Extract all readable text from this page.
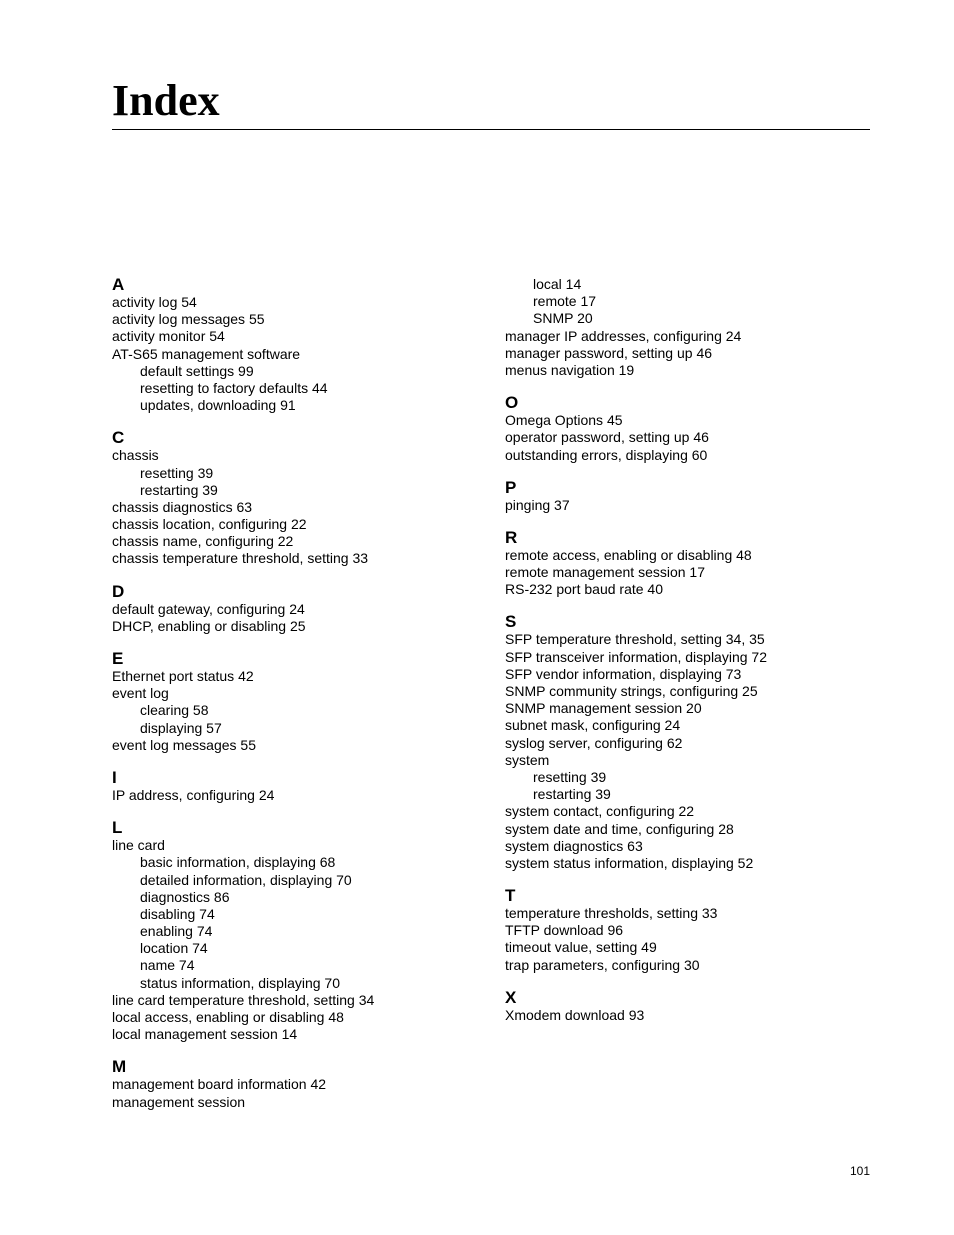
Index
A
activity log 54
activity log messages 55
activity monitor 54
AT-S65 management software
default settings 99
resetting to factory defaults 44
updates, downloading 91
C
chassis
resetting 39
restarting 39
chassis diagnostics 63
chassis location, configuring 22
chassis name, configuring 22
chassis temperature threshold, setting 33
D
default gateway, configuring 24
DHCP, enabling or disabling 25
E
Ethernet port status 42
event log
clearing 58
displaying 57
event log messages 55
I
IP address, configuring 24
L
line card
basic information, displaying 68
detailed information, displaying 70
diagnostics 86
disabling 74
enabling 74
location 74
name 74
status information, displaying 70
line card temperature threshold, setting 34
local access, enabling or disabling 48
local management session 14
M
management board information 42
management session
local 14
remote 17
SNMP 20
manager IP addresses, configuring 24
manager password, setting up 46
menus navigation 19
O
Omega Options 45
operator password, setting up 46
outstanding errors, displaying 60
P
pinging 37
R
remote access, enabling or disabling 48
remote management session 17
RS-232 port baud rate 40
S
SFP temperature threshold, setting 34, 35
SFP transceiver information, displaying 72
SFP vendor information, displaying 73
SNMP community strings, configuring 25
SNMP management session 20
subnet mask, configuring 24
syslog server, configuring 62
system
resetting 39
restarting 39
system contact, configuring 22
system date and time, configuring 28
system diagnostics 63
system status information, displaying 52
T
temperature thresholds, setting 33
TFTP download 96
timeout value, setting 49
trap parameters, configuring 30
X
Xmodem download 93
101
